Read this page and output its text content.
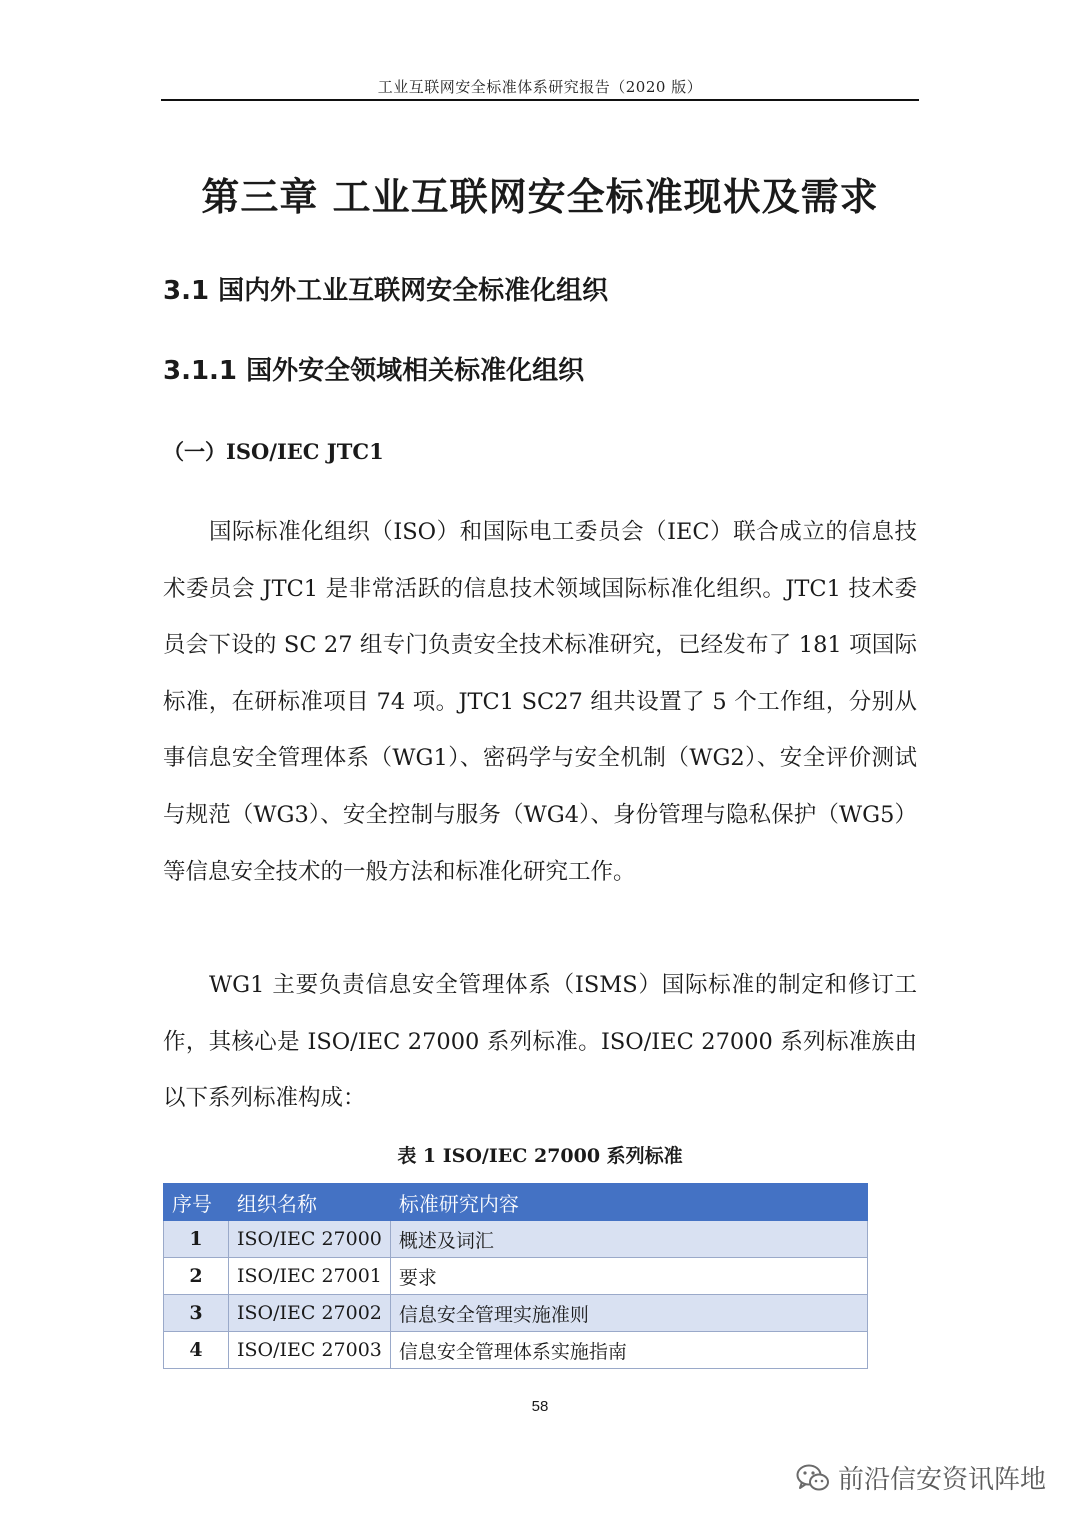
工业互联网安全标准体系研究报告（2020 版）
第三章 工业互联网安全标准现状及需求
3.1 国内外工业互联网安全标准化组织
3.1.1 国外安全领域相关标准化组织
（一）ISO/IEC JTC1

国际标准化组织（ISO）和国际电工委员会（IEC）联合成立的信息技术委员会 JTC1 是非常活跃的信息技术领域国际标准化组织。JTC1 技术委员会下设的 SC 27 组专门负责安全技术标准研究，已经发布了 181 项国际标准，在研标准项目 74 项。JTC1 SC27 组共设置了 5 个工作组，分别从事信息安全管理体系（WG1）、密码学与安全机制（WG2）、安全评价测试与规范（WG3）、安全控制与服务（WG4）、身份管理与隐私保护（WG5）等信息安全技术的一般方法和标准化研究工作。

WG1 主要负责信息安全管理体系（ISMS）国际标准的制定和修订工作，其核心是 ISO/IEC 27000 系列标准。ISO/IEC 27000 系列标准族由以下系列标准构成：

表 1 ISO/IEC 27000 系列标准
序号	组织名称	标准研究内容
1	ISO/IEC 27000	概述及词汇
2	ISO/IEC 27001	要求
3	ISO/IEC 27002	信息安全管理实施准则
4	ISO/IEC 27003	信息安全管理体系实施指南
58
前沿信安资讯阵地
